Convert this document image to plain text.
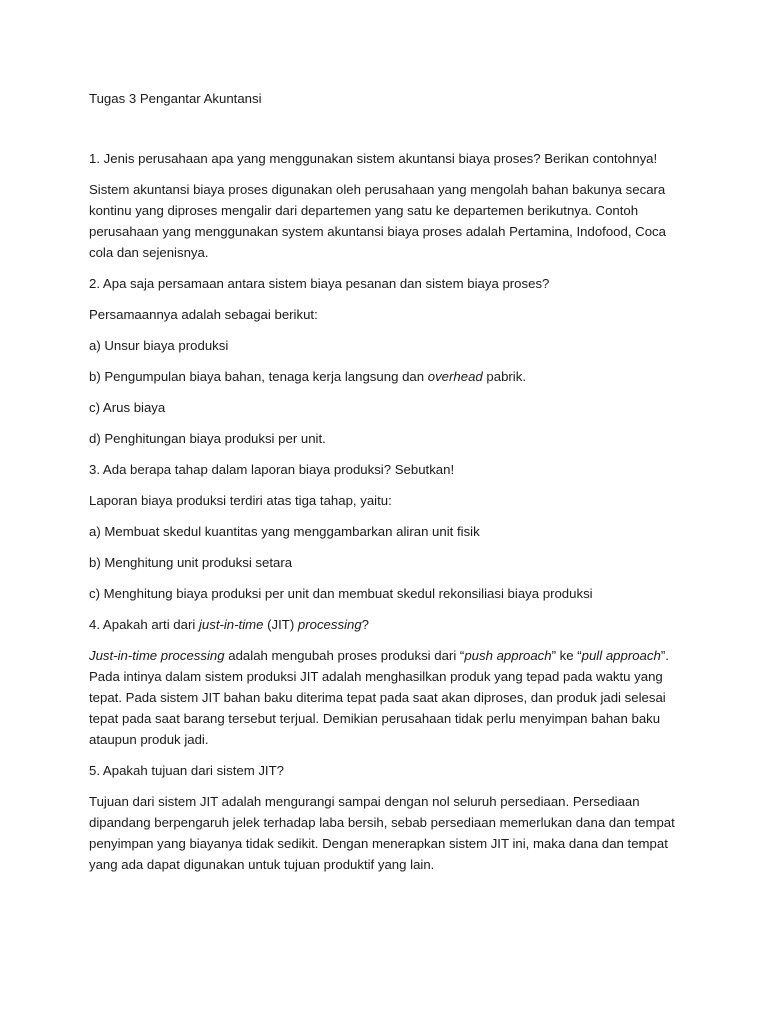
Tugas 3 Pengantar Akuntansi

1. Jenis perusahaan apa yang menggunakan sistem akuntansi biaya proses? Berikan contohnya!

Sistem akuntansi biaya proses digunakan oleh perusahaan yang mengolah bahan bakunya secara kontinu yang diproses mengalir dari departemen yang satu ke departemen berikutnya. Contoh perusahaan yang menggunakan system akuntansi biaya proses adalah Pertamina, Indofood, Coca cola dan sejenisnya.

2. Apa saja persamaan antara sistem biaya pesanan dan sistem biaya proses?

Persamaannya adalah sebagai berikut:

a) Unsur biaya produksi

b) Pengumpulan biaya bahan, tenaga kerja langsung dan overhead pabrik.

c) Arus biaya

d) Penghitungan biaya produksi per unit.

3. Ada berapa tahap dalam laporan biaya produksi? Sebutkan!

Laporan biaya produksi terdiri atas tiga tahap, yaitu:

a) Membuat skedul kuantitas yang menggambarkan aliran unit fisik

b) Menghitung unit produksi setara

c) Menghitung biaya produksi per unit dan membuat skedul rekonsiliasi biaya produksi

4. Apakah arti dari just-in-time (JIT) processing?

Just-in-time processing adalah mengubah proses produksi dari “push approach” ke “pull approach”. Pada intinya dalam sistem produksi JIT adalah menghasilkan produk yang tepad pada waktu yang tepat. Pada sistem JIT bahan baku diterima tepat pada saat akan diproses, dan produk jadi selesai tepat pada saat barang tersebut terjual. Demikian perusahaan tidak perlu menyimpan bahan baku ataupun produk jadi.

5. Apakah tujuan dari sistem JIT?

Tujuan dari sistem JIT adalah mengurangi sampai dengan nol seluruh persediaan. Persediaan dipandang berpengaruh jelek terhadap laba bersih, sebab persediaan memerlukan dana dan tempat penyimpan yang biayanya tidak sedikit. Dengan menerapkan sistem JIT ini, maka dana dan tempat yang ada dapat digunakan untuk tujuan produktif yang lain.
